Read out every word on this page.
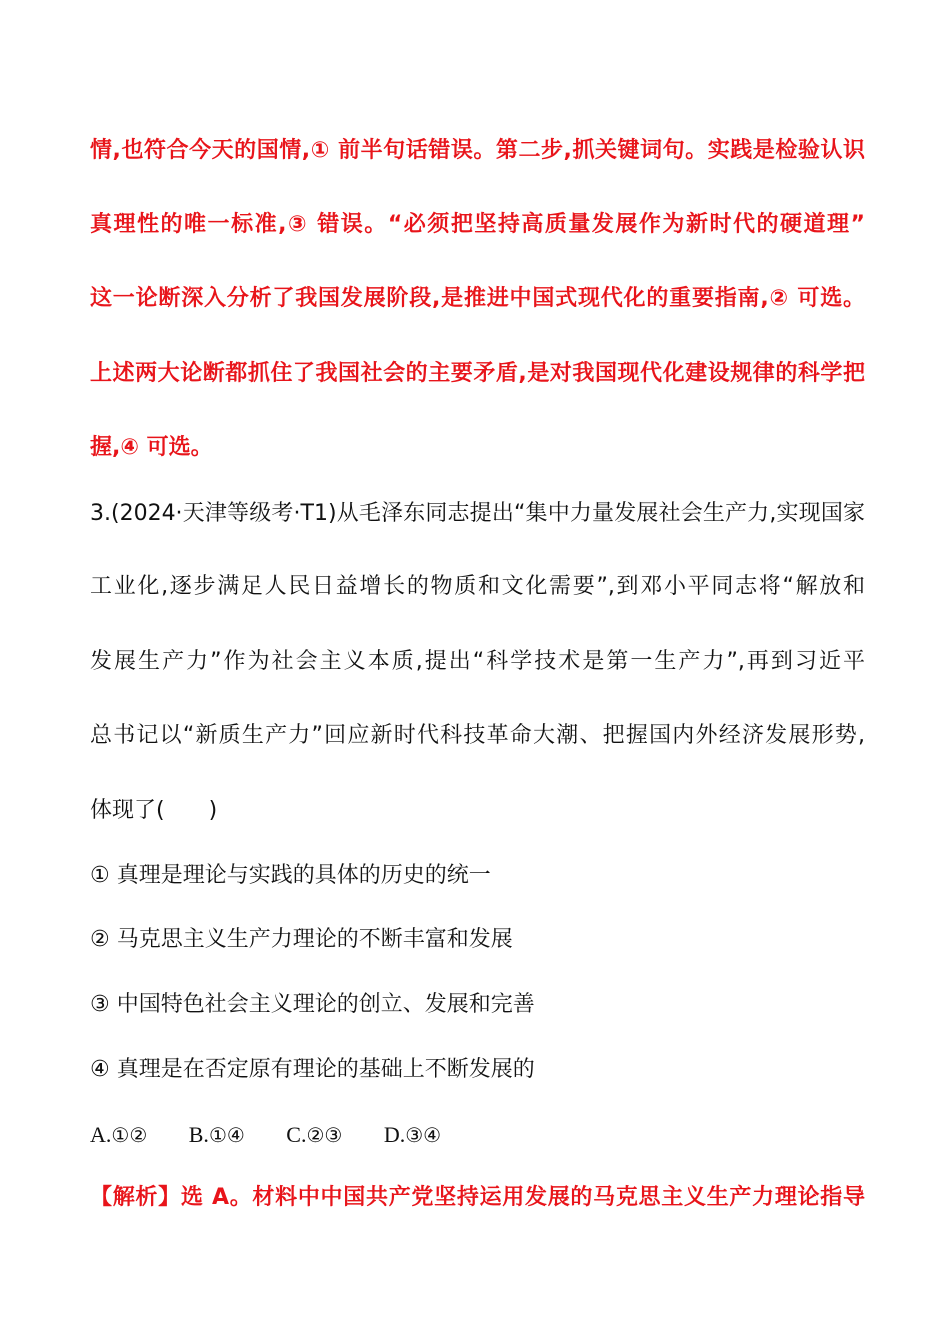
情,也符合今天的国情,① 前半句话错误。第二步,抓关键词句。实践是检验认识
真理性的唯一标准,③ 错误。“必须把坚持高质量发展作为新时代的硬道理”
这一论断深入分析了我国发展阶段,是推进中国式现代化的重要指南,② 可选。
上述两大论断都抓住了我国社会的主要矛盾,是对我国现代化建设规律的科学把
握,④ 可选。
3.(2024·天津等级考·T1)从毛泽东同志提出“集中力量发展社会生产力,实现国家
工业化,逐步满足人民日益增长的物质和文化需要”,到邓小平同志将“解放和
发展生产力”作为社会主义本质,提出“科学技术是第一生产力”,再到习近平
总书记以“新质生产力”回应新时代科技革命大潮、把握国内外经济发展形势,
体现了(　　)
① 真理是理论与实践的具体的历史的统一
② 马克思主义生产力理论的不断丰富和发展
③ 中国特色社会主义理论的创立、发展和完善
④ 真理是在否定原有理论的基础上不断发展的
A.①② B.①④ C.②③ D.③④
【解析】选 A。材料中中国共产党坚持运用发展的马克思主义生产力理论指导
